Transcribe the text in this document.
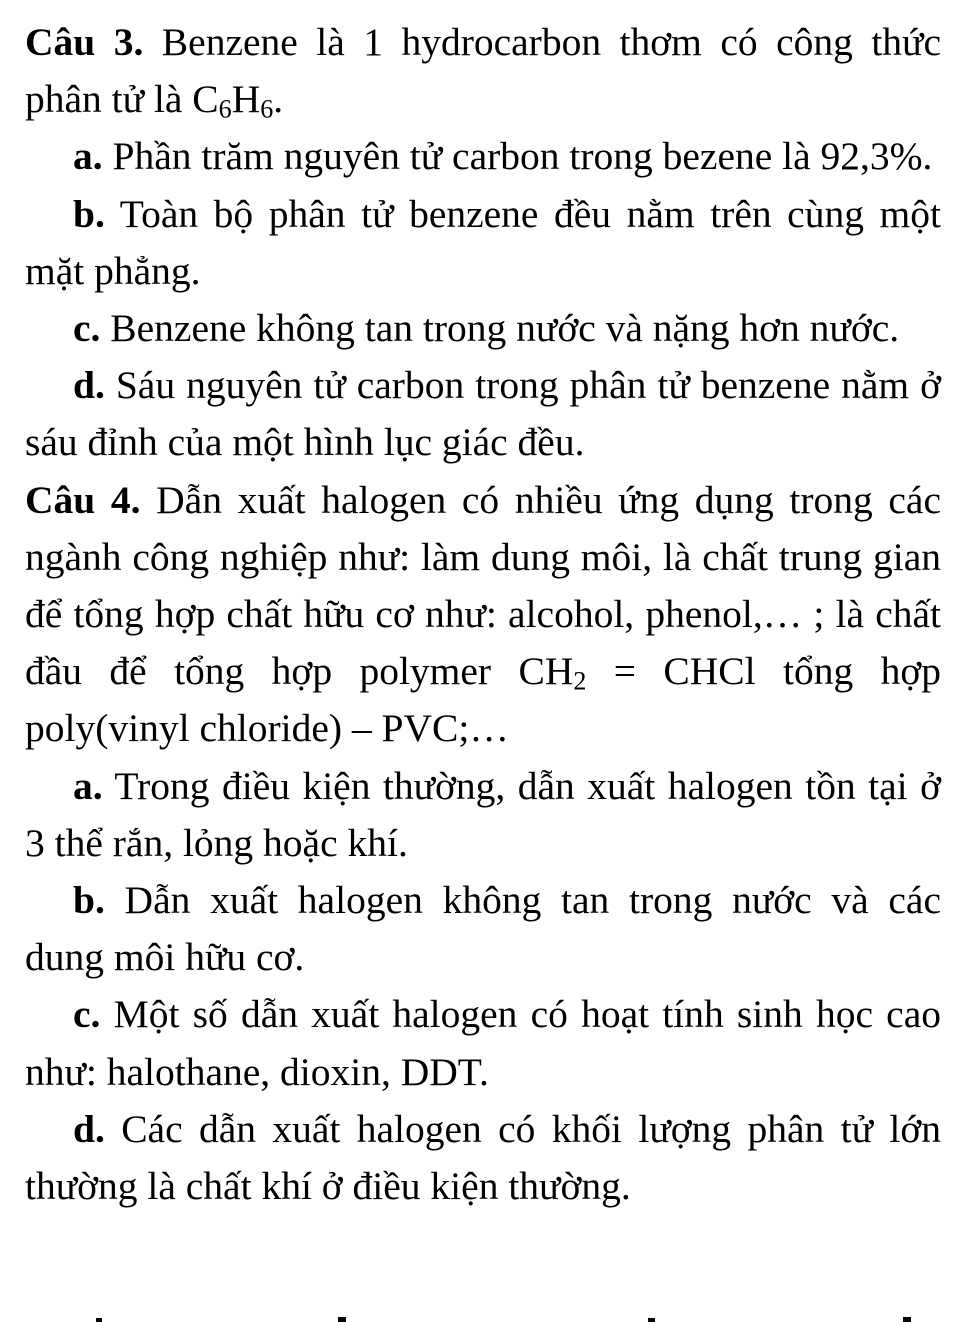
Câu 3. Benzene là 1 hydrocarbon thơm có công thức phân tử là $C_6H_6$.

a. Phần trăm nguyên tử carbon trong bezene là 92,3%.

b. Toàn bộ phân tử benzene đều nằm trên cùng một mặt phẳng.

c. Benzene không tan trong nước và nặng hơn nước.

d. Sáu nguyên tử carbon trong phân tử benzene nằm ở sáu đỉnh của một hình lục giác đều.

Câu 4. Dẫn xuất halogen có nhiều ứng dụng trong các ngành công nghiệp như: làm dung môi, là chất trung gian để tổng hợp chất hữu cơ như: alcohol, phenol,… ; là chất đầu để tổng hợp polymer $CH_2$ = CHCl tổng hợp poly(vinyl chloride) – PVC;…

a. Trong điều kiện thường, dẫn xuất halogen tồn tại ở 3 thể rắn, lỏng hoặc khí.

b. Dẫn xuất halogen không tan trong nước và các dung môi hữu cơ.

c. Một số dẫn xuất halogen có hoạt tính sinh học cao như: halothane, dioxin, DDT.

d. Các dẫn xuất halogen có khối lượng phân tử lớn thường là chất khí ở điều kiện thường.
